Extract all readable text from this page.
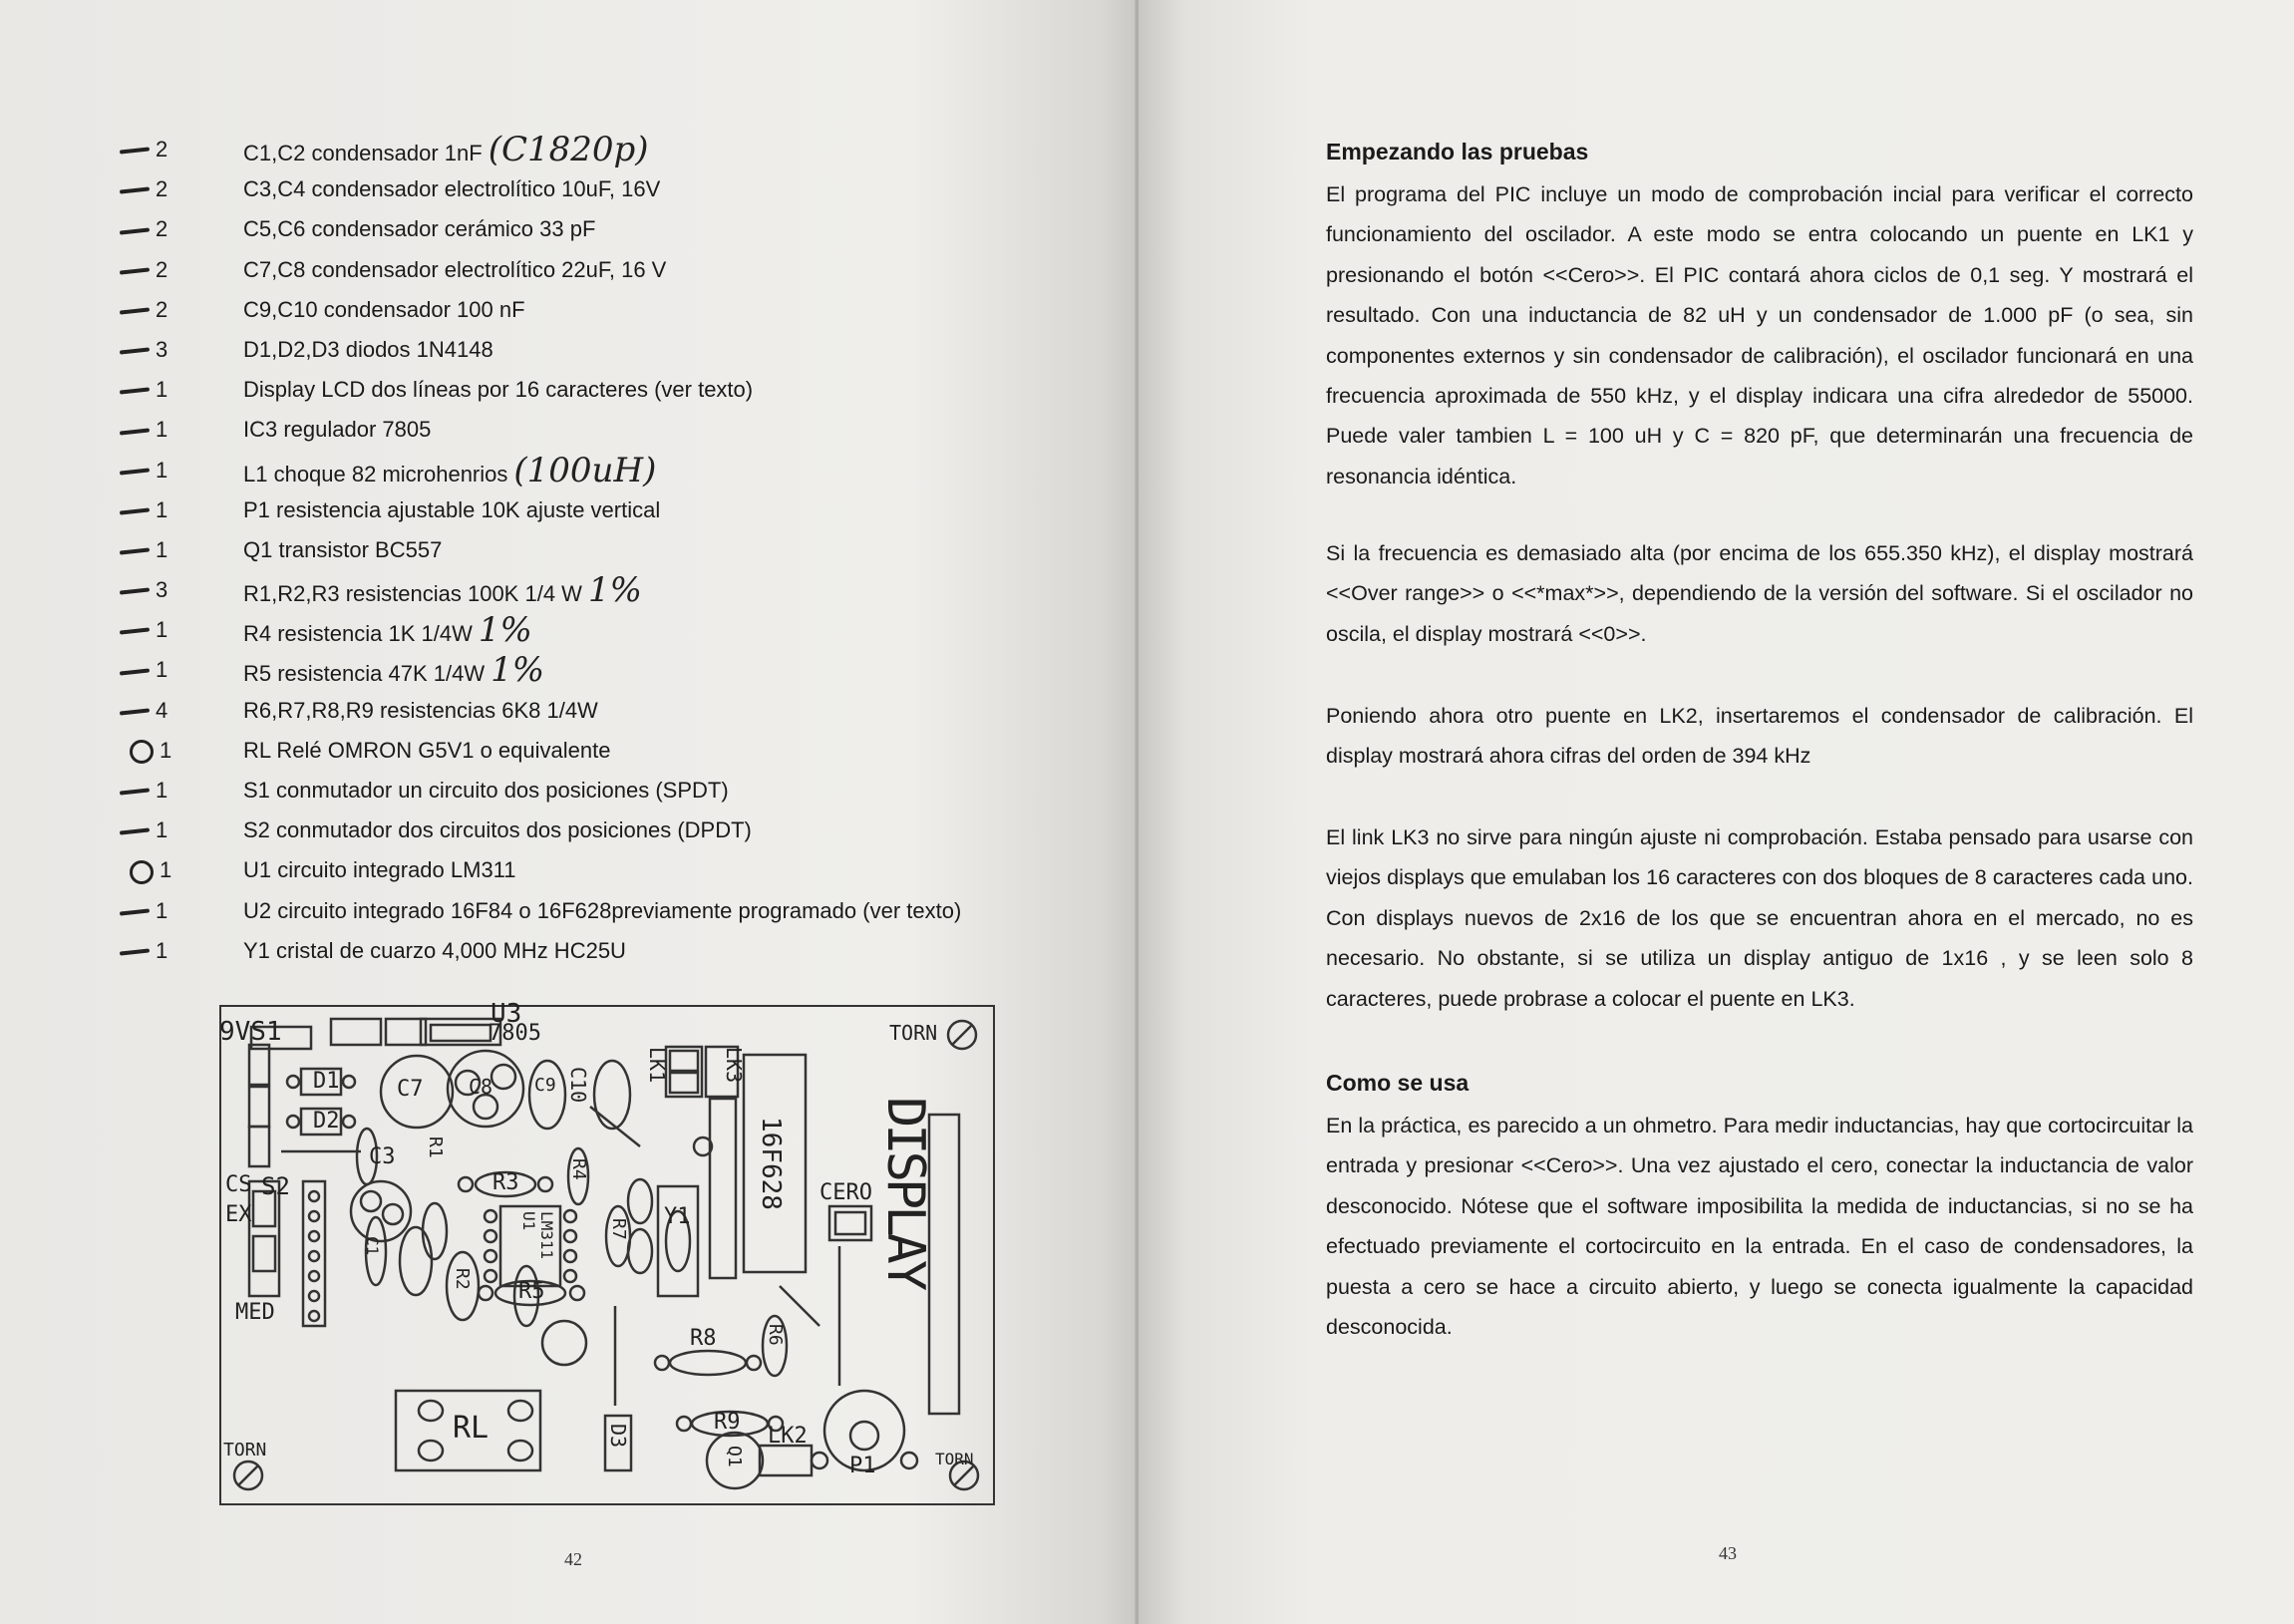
2	C1,C2 condensador 1nF (C1820p)
2	C3,C4 condensador electrolítico 10uF, 16V
2	C5,C6 condensador cerámico 33 pF
2	C7,C8 condensador electrolítico 22uF, 16 V
2	C9,C10 condensador 100 nF
3	D1,D2,D3 diodos 1N4148
1	Display LCD dos líneas por 16 caracteres (ver texto)
1	IC3 regulador 7805
1	L1 choque 82 microhenrios (100uH)
1	P1 resistencia ajustable 10K ajuste vertical
1	Q1 transistor BC557
3	R1,R2,R3 resistencias 100K 1/4 W 1%
1	R4 resistencia 1K 1/4W 1%
1	R5 resistencia 47K 1/4W 1%
4	R6,R7,R8,R9 resistencias 6K8 1/4W
1	RL Relé OMRON G5V1 o equivalente
1	S1 conmutador un circuito dos posiciones (SPDT)
1	S2 conmutador dos circuitos dos posiciones (DPDT)
1	U1 circuito integrado LM311
1	U2 circuito integrado 16F84 o 16F628previamente programado (ver texto)
1	Y1 cristal de cuarzo 4,000 MHz HC25U
9VS1
U3
7805	TORN
D1
D2
C3
C7 C8 C9 C10
S2
CS
EX
MED
C1
R1
R2
R3
R4
R5
R6
R7
R8
R9
U1 LM311
LK1	LK3
16F628
Y1
CERO DISPLAY
RL	D3
Q1
LK2
P1
TORN	TORN
42
Empezando las pruebas

El programa del PIC incluye un modo de comprobación incial para verificar el correcto funcionamiento del oscilador. A este modo se entra colocando un puente en LK1 y presionando el botón <<Cero>>. El PIC contará ahora ciclos de 0,1 seg. Y mostrará el resultado. Con una inductancia de 82 uH y un condensador de 1.000 pF (o sea, sin componentes externos y sin condensador de calibración), el oscilador funcionará en una frecuencia aproximada de 550 kHz, y el display indicara una cifra alrededor de 55000. Puede valer tambien L = 100 uH y C = 820 pF, que determinarán una frecuencia de resonancia idéntica.

Si la frecuencia es demasiado alta (por encima de los 655.350 kHz), el display mostrará <<Over range>> o <<*max*>>, dependiendo de la versión del software. Si el oscilador no oscila, el display mostrará <<0>>.

Poniendo ahora otro puente en LK2, insertaremos el condensador de calibración. El display mostrará ahora cifras del orden de 394 kHz

El link LK3 no sirve para ningún ajuste ni comprobación. Estaba pensado para usarse con viejos displays que emulaban los 16 caracteres con dos bloques de 8 caracteres cada uno. Con displays nuevos de 2x16 de los que se encuentran ahora en el mercado, no es necesario. No obstante, si se utiliza un display antiguo de 1x16 , y se leen solo 8 caracteres, puede probrase a colocar el puente en LK3.

Como se usa

En la práctica, es parecido a un ohmetro. Para medir inductancias, hay que cortocircuitar la entrada y presionar <<Cero>>. Una vez ajustado el cero, conectar la inductancia de valor desconocido. Nótese que el software imposibilita la medida de inductancias, si no se ha efectuado previamente el cortocircuito en la entrada. En el caso de condensadores, la puesta a cero se hace a circuito abierto, y luego se conecta igualmente la capacidad desconocida.

43
